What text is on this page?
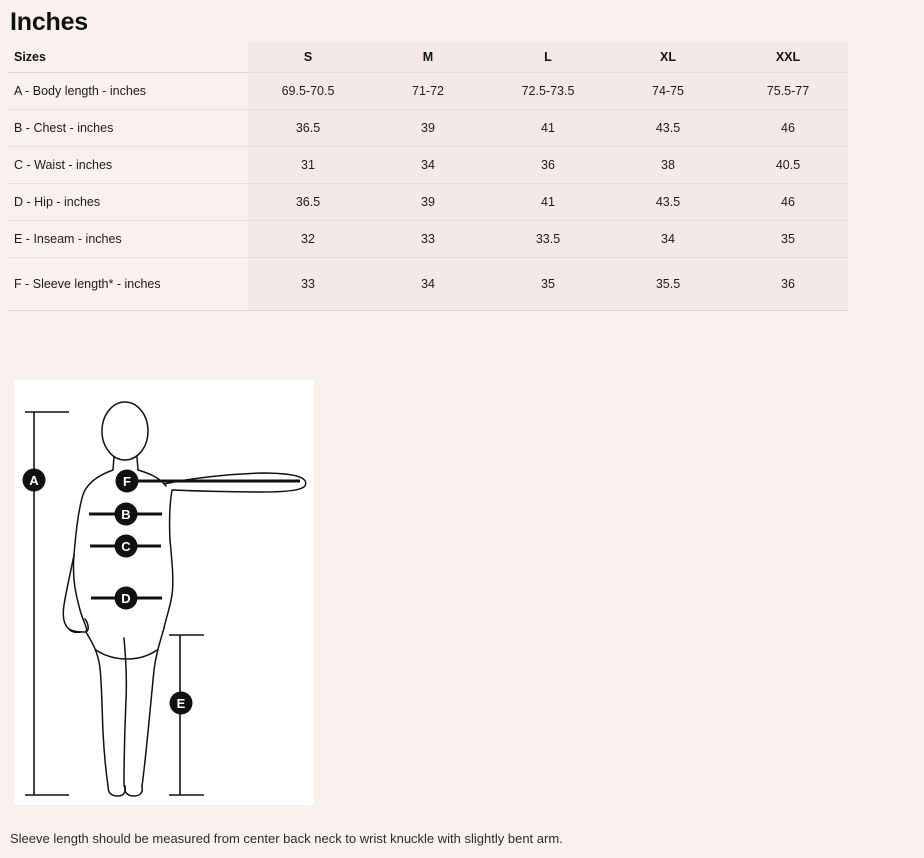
Inches
Sizes	S	M	L	XL	XXL
A - Body length - inches	69.5-70.5	71-72	72.5-73.5	74-75	75.5-77
B - Chest - inches	36.5	39	41	43.5	46
C - Waist - inches	31	34	36	38	40.5
D - Hip - inches	36.5	39	41	43.5	46
E - Inseam - inches	32	33	33.5	34	35
F - Sleeve length* - inches	33	34	35	35.5	36
A	F
B
C
D
E
Sleeve length should be measured from center back neck to wrist knuckle with slightly bent arm.
